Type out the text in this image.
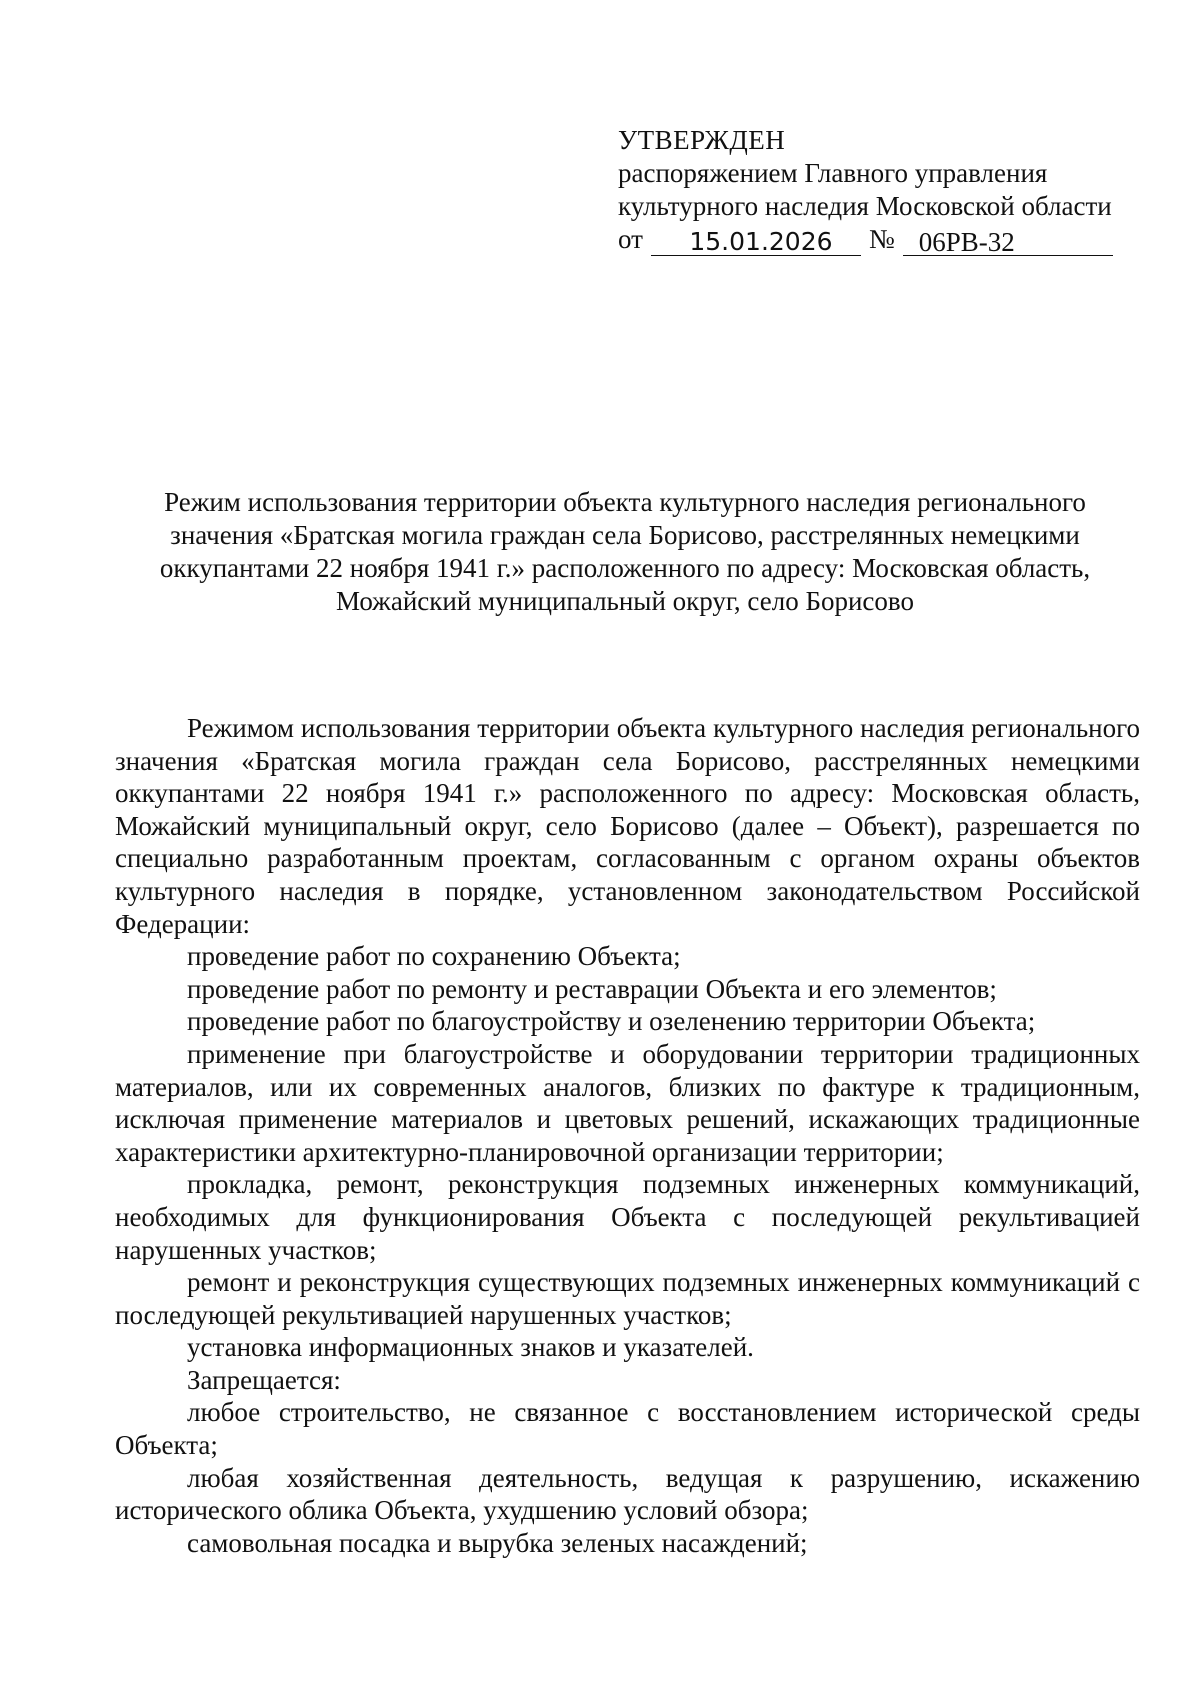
УТВЕРЖДЕН
распоряжением Главного управления
культурного наследия Московской области
от	15.01.2026	№ 06РВ-32
Режим использования территории объекта культурного наследия регионального значения «Братская могила граждан села Борисово, расстрелянных немецкими оккупантами 22 ноября 1941 г.» расположенного по адресу: Московская область, Можайский муниципальный округ, село Борисово

Режимом использования территории объекта культурного наследия регионального значения «Братская могила граждан села Борисово, расстрелянных немецкими оккупантами 22 ноября 1941 г.» расположенного по адресу: Московская область, Можайский муниципальный округ, село Борисово (далее – Объект), разрешается по специально разработанным проектам, согласованным с органом охраны объектов культурного наследия в порядке, установленном законодательством Российской Федерации:

проведение работ по сохранению Объекта;

проведение работ по ремонту и реставрации Объекта и его элементов;

проведение работ по благоустройству и озеленению территории Объекта;

применение при благоустройстве и оборудовании территории традиционных материалов, или их современных аналогов, близких по фактуре к традиционным, исключая применение материалов и цветовых решений, искажающих традиционные характеристики архитектурно-планировочной организации территории;

прокладка, ремонт, реконструкция подземных инженерных коммуникаций, необходимых для функционирования Объекта с последующей рекультивацией нарушенных участков;

ремонт и реконструкция существующих подземных инженерных коммуникаций с последующей рекультивацией нарушенных участков;

установка информационных знаков и указателей.

Запрещается:

любое строительство, не связанное с восстановлением исторической среды Объекта;

любая хозяйственная деятельность, ведущая к разрушению, искажению исторического облика Объекта, ухудшению условий обзора;

самовольная посадка и вырубка зеленых насаждений;
